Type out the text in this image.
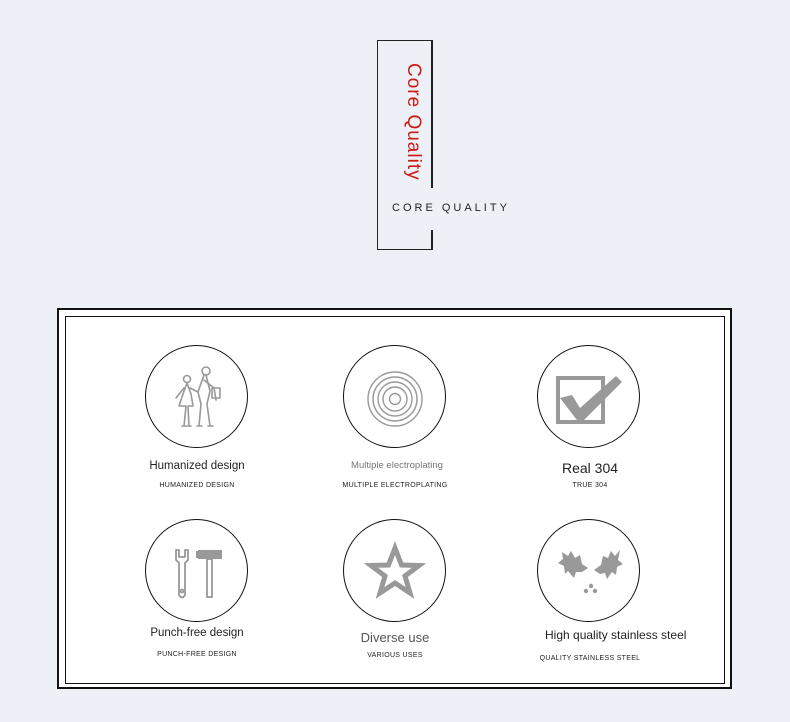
Core Quality
CORE QUALITY
Humanized design
HUMANIZED DESIGN
Multiple electroplating
MULTIPLE ELECTROPLATING
Real 304
TRUE 304
Punch-free design
PUNCH-FREE DESIGN
Diverse use
VARIOUS USES
High quality stainless steel
QUALITY STAINLESS STEEL
